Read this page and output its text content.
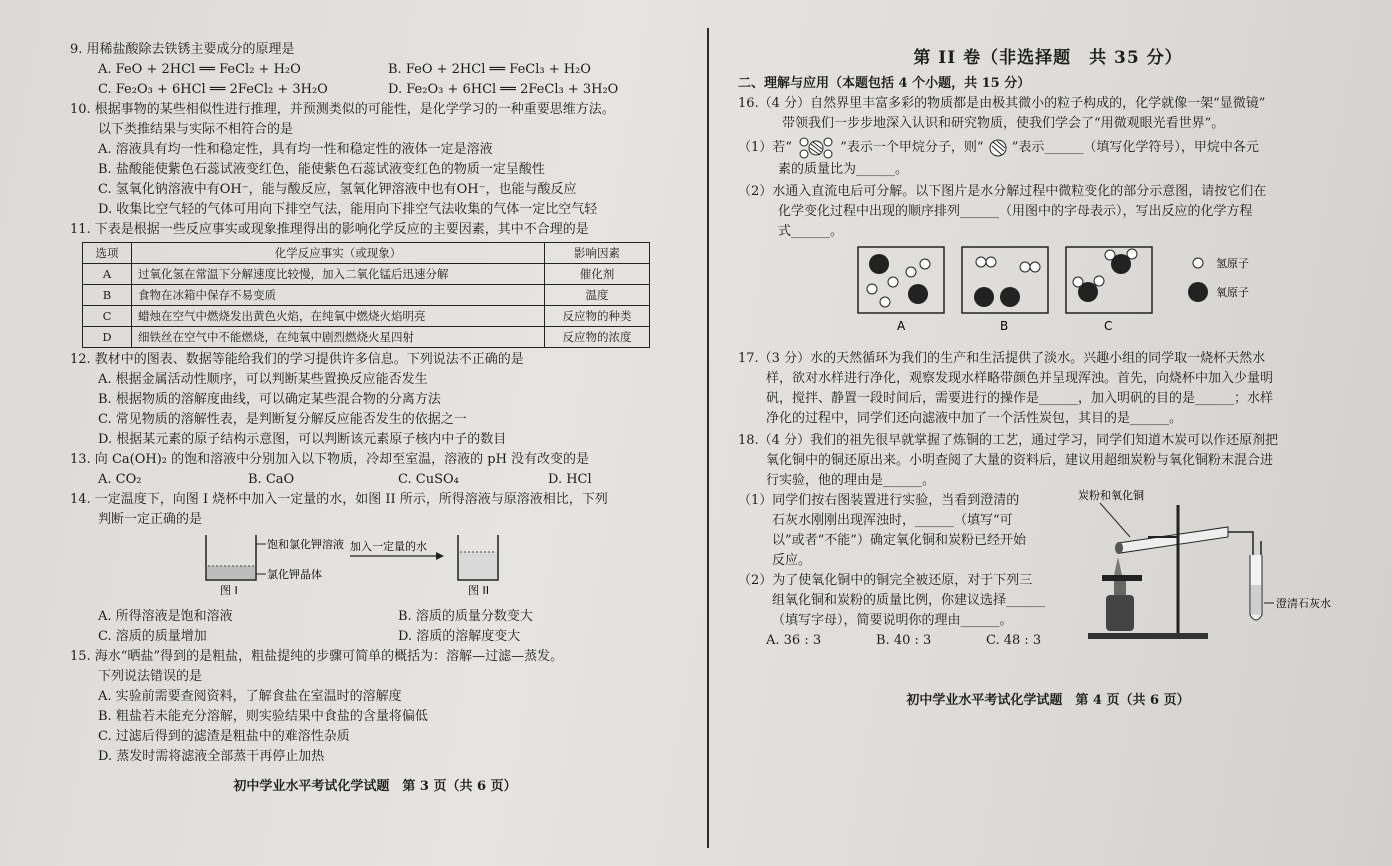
9. 用稀盐酸除去铁锈主要成分的原理是
A. FeO + 2HCl ══ FeCl₂ + H₂O	B. FeO + 2HCl ══ FeCl₃ + H₂O
C. Fe₂O₃ + 6HCl ══ 2FeCl₂ + 3H₂O	D. Fe₂O₃ + 6HCl ══ 2FeCl₃ + 3H₂O
10. 根据事物的某些相似性进行推理，并预测类似的可能性，是化学学习的一种重要思维方法。
以下类推结果与实际不相符合的是
A. 溶液具有均一性和稳定性，具有均一性和稳定性的液体一定是溶液
B. 盐酸能使紫色石蕊试液变红色，能使紫色石蕊试液变红色的物质一定呈酸性
C. 氢氧化钠溶液中有OH⁻，能与酸反应，氢氧化钾溶液中也有OH⁻，也能与酸反应
D. 收集比空气轻的气体可用向下排空气法，能用向下排空气法收集的气体一定比空气轻
11. 下表是根据一些反应事实或现象推理得出的影响化学反应的主要因素，其中不合理的是
选项	化学反应事实（或现象）	影响因素
A	过氧化氢在常温下分解速度比较慢，加入二氧化锰后迅速分解	催化剂
B	食物在冰箱中保存不易变质	温度
C	蜡烛在空气中燃烧发出黄色火焰，在纯氧中燃烧火焰明亮	反应物的种类
D	细铁丝在空气中不能燃烧，在纯氧中剧烈燃烧火星四射	反应物的浓度
12. 教材中的图表、数据等能给我们的学习提供许多信息。下列说法不正确的是
A. 根据金属活动性顺序，可以判断某些置换反应能否发生
B. 根据物质的溶解度曲线，可以确定某些混合物的分离方法
C. 常见物质的溶解性表，是判断复分解反应能否发生的依据之一
D. 根据某元素的原子结构示意图，可以判断该元素原子核内中子的数目
13. 向 Ca(OH)₂ 的饱和溶液中分别加入以下物质，冷却至室温，溶液的 pH 没有改变的是
A. CO₂	B. CaO	C. CuSO₄	D. HCl
14. 一定温度下，向图 I 烧杯中加入一定量的水，如图 II 所示，所得溶液与原溶液相比，下列
判断一定正确的是
饱和氯化钾溶液
氯化钾晶体
图 I
加入一定量的水
图 II
A. 所得溶液是饱和溶液	B. 溶质的质量分数变大
C. 溶质的质量增加	D. 溶质的溶解度变大
15. 海水“晒盐”得到的是粗盐，粗盐提纯的步骤可简单的概括为：溶解—过滤—蒸发。
下列说法错误的是
A. 实验前需要查阅资料，了解食盐在室温时的溶解度
B. 粗盐若未能充分溶解，则实验结果中食盐的含量将偏低
C. 过滤后得到的滤渣是粗盐中的难溶性杂质
D. 蒸发时需将滤液全部蒸干再停止加热
初中学业水平考试化学试题　第 3 页（共 6 页）
第 II 卷（非选择题　共 35 分）
二、理解与应用（本题包括 4 个小题，共 15 分）
16.（4 分）自然界里丰富多彩的物质都是由极其微小的粒子构成的，化学就像一架“显微镜”
带领我们一步步地深入认识和研究物质，使我们学会了“用微观眼光看世界”。
（1）若“	”表示一个甲烷分子，则“ ”表示______（填写化学符号），甲烷中各元
素的质量比为______。
（2）水通入直流电后可分解。以下图片是水分解过程中微粒变化的部分示意图，请按它们在
化学变化过程中出现的顺序排列______（用图中的字母表示），写出反应的化学方程
式______。
A	B	C
氢原子
氧原子
17.（3 分）水的天然循环为我们的生产和生活提供了淡水。兴趣小组的同学取一烧杯天然水
样，欲对水样进行净化，观察发现水样略带颜色并呈现浑浊。首先，向烧杯中加入少量明
矾，搅拌、静置一段时间后，需要进行的操作是______，加入明矾的目的是______；水样
净化的过程中，同学们还向滤液中加了一个活性炭包，其目的是______。
18.（4 分）我们的祖先很早就掌握了炼铜的工艺，通过学习，同学们知道木炭可以作还原剂把
氧化铜中的铜还原出来。小明查阅了大量的资料后，建议用超细炭粉与氧化铜粉末混合进
行实验，他的理由是______。
（1）同学们按右图装置进行实验，当看到澄清的
石灰水刚刚出现浑浊时，______（填写“可
以”或者“不能”）确定氧化铜和炭粉已经开始
反应。
（2）为了使氧化铜中的铜完全被还原，对于下列三
组氧化铜和炭粉的质量比例，你建议选择______
（填写字母），简要说明你的理由______。
A. 36 : 3	B. 40 : 3	C. 48 : 3
炭粉和氧化铜
澄清石灰水
初中学业水平考试化学试题　第 4 页（共 6 页）
